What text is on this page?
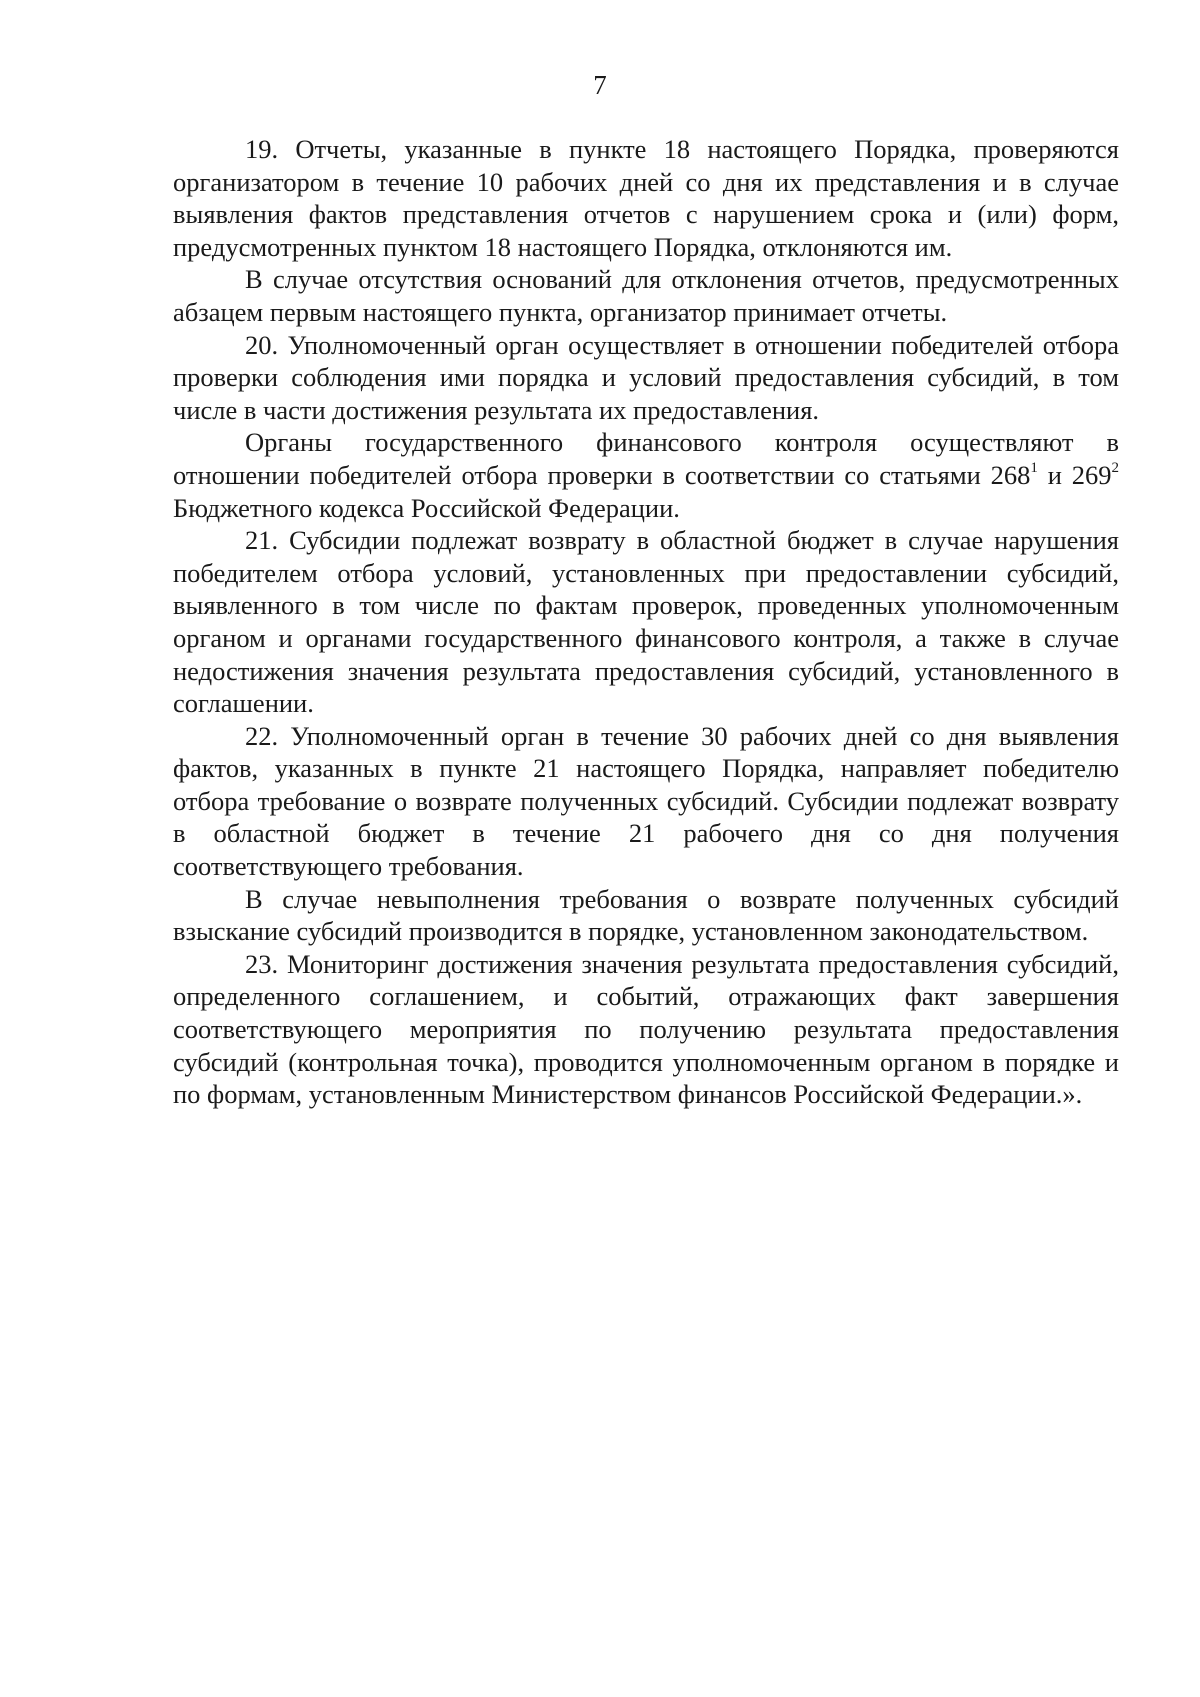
7

19. Отчеты, указанные в пункте 18 настоящего Порядка, проверяются организатором в течение 10 рабочих дней со дня их представления и в случае выявления фактов представления отчетов с нарушением срока и (или) форм, предусмотренных пунктом 18 настоящего Порядка, отклоняются им.

В случае отсутствия оснований для отклонения отчетов, предусмотренных абзацем первым настоящего пункта, организатор принимает отчеты.

20. Уполномоченный орган осуществляет в отношении победителей отбора проверки соблюдения ими порядка и условий предоставления субсидий, в том числе в части достижения результата их предоставления.

Органы государственного финансового контроля осуществляют в отношении победителей отбора проверки в соответствии со статьями $268^1$ и $269^2$ Бюджетного кодекса Российской Федерации.

21. Субсидии подлежат возврату в областной бюджет в случае нарушения победителем отбора условий, установленных при предоставлении субсидий, выявленного в том числе по фактам проверок, проведенных уполномоченным органом и органами государственного финансового контроля, а также в случае недостижения значения результата предоставления субсидий, установленного в соглашении.

22. Уполномоченный орган в течение 30 рабочих дней со дня выявления фактов, указанных в пункте 21 настоящего Порядка, направляет победителю отбора требование о возврате полученных субсидий. Субсидии подлежат возврату в областной бюджет в течение 21 рабочего дня со дня получения соответствующего требования.

В случае невыполнения требования о возврате полученных субсидий взыскание субсидий производится в порядке, установленном законодательством.

23. Мониторинг достижения значения результата предоставления субсидий, определенного соглашением, и событий, отражающих факт завершения соответствующего мероприятия по получению результата предоставления субсидий (контрольная точка), проводится уполномоченным органом в порядке и по формам, установленным Министерством финансов Российской Федерации.».
